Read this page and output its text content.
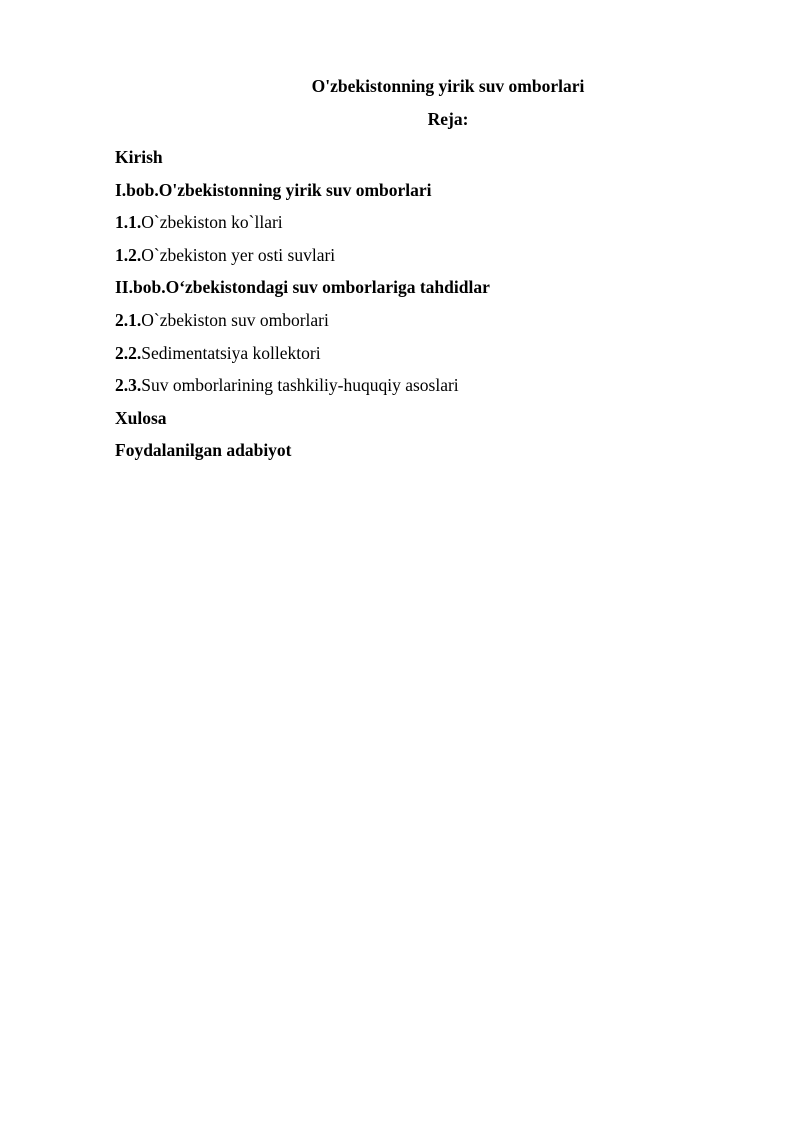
O'zbekistonning yirik suv omborlari
Reja:
Kirish
I.bob.O'zbekistonning yirik suv omborlari
1.1.O`zbekiston ko`llari
1.2.O`zbekiston yer osti suvlari
II.bob.O‘zbekistondagi suv omborlariga tahdidlar
2.1.O`zbekiston suv omborlari
2.2.Sedimentatsiya kollektori
2.3.Suv omborlarining tashkiliy-huquqiy asoslari
Xulosa
Foydalanilgan adabiyot
